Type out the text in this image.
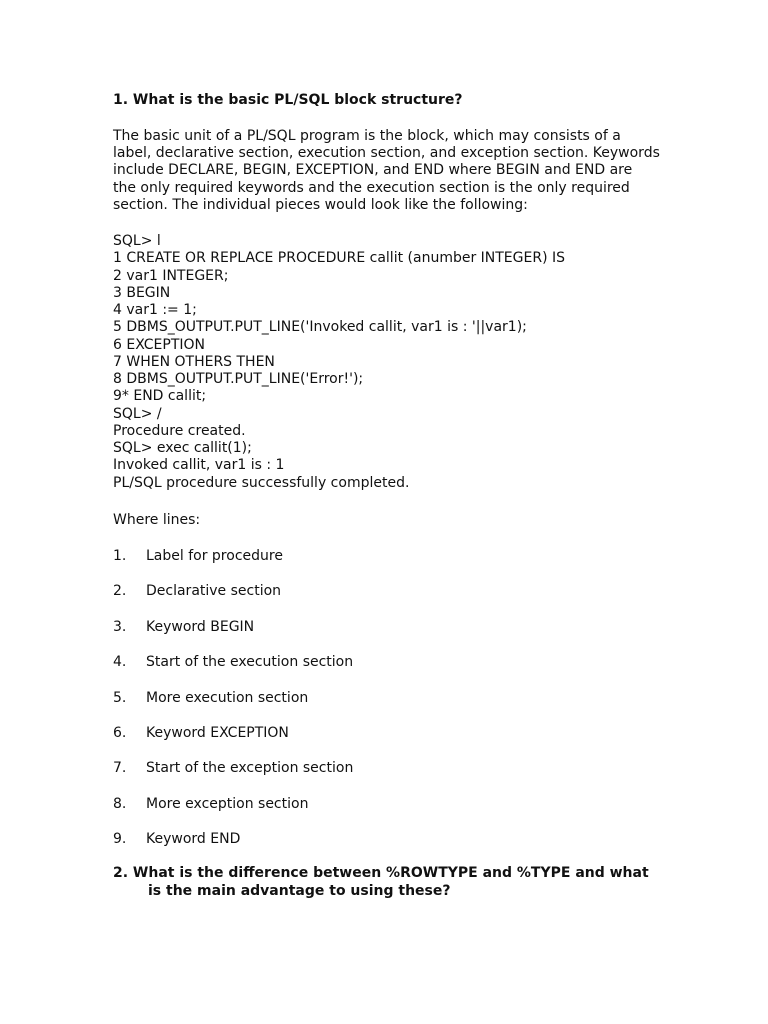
1. What is the basic PL/SQL block structure?

The basic unit of a PL/SQL program is the block, which may consists of a
label, declarative section, execution section, and exception section. Keywords
include DECLARE, BEGIN, EXCEPTION, and END where BEGIN and END are
the only required keywords and the execution section is the only required
section. The individual pieces would look like the following:

SQL> l
1 CREATE OR REPLACE PROCEDURE callit (anumber INTEGER) IS
2 var1 INTEGER;
3 BEGIN
4 var1 := 1;
5 DBMS_OUTPUT.PUT_LINE('Invoked callit, var1 is : '||var1);
6 EXCEPTION
7 WHEN OTHERS THEN
8 DBMS_OUTPUT.PUT_LINE('Error!');
9* END callit;
SQL> /
Procedure created.
SQL> exec callit(1);
Invoked callit, var1 is : 1
PL/SQL procedure successfully completed.
Where lines:
1. Label for procedure
2. Declarative section
3. Keyword BEGIN
4. Start of the execution section
5. More execution section
6. Keyword EXCEPTION
7. Start of the exception section
8. More exception section
9. Keyword END

2. What is the difference between %ROWTYPE and %TYPE and what
is the main advantage to using these?
